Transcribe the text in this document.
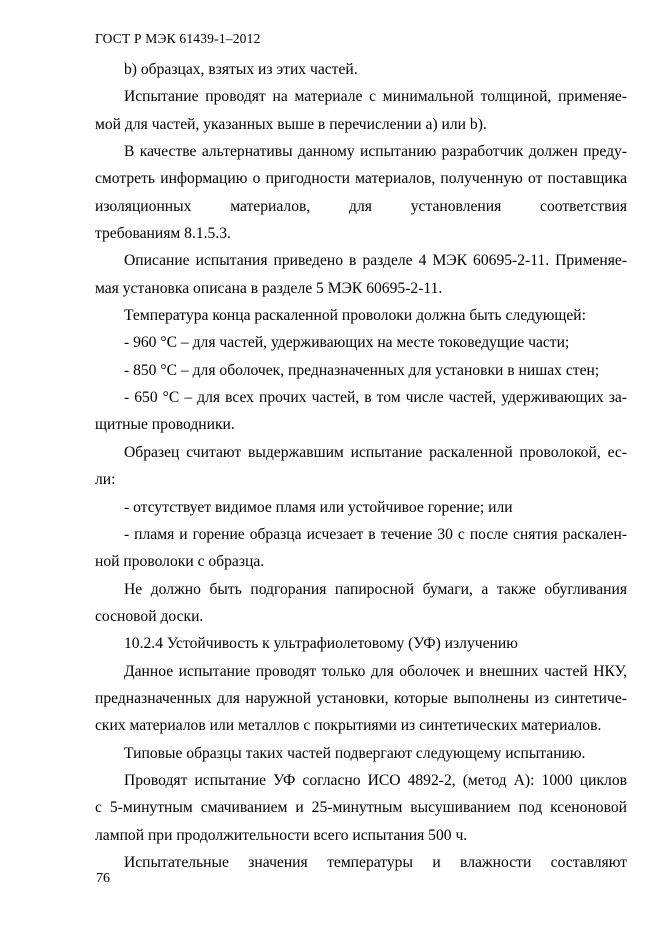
ГОСТ Р МЭК 61439-1–2012
b) образцах, взятых из этих частей.
Испытание проводят на материале с минимальной толщиной, применяе-
мой для частей, указанных выше в перечислении a) или b).
В качестве альтернативы данному испытанию разработчик должен преду-
смотреть информацию о пригодности материалов, полученную от поставщика
изоляционных материалов, для установления соответствия
требованиям 8.1.5.3.
Описание испытания приведено в разделе 4 МЭК 60695-2-11. Применяе-
мая установка описана в разделе 5 МЭК 60695-2-11.
Температура конца раскаленной проволоки должна быть следующей:
- 960 °С – для частей, удерживающих на месте токоведущие части;
- 850 °С – для оболочек, предназначенных для установки в нишах стен;
- 650 °С – для всех прочих частей, в том числе частей, удерживающих за-
щитные проводники.
Образец считают выдержавшим испытание раскаленной проволокой, ес-
ли:
- отсутствует видимое пламя или устойчивое горение; или
- пламя и горение образца исчезает в течение 30 с после снятия раскален-
ной проволоки с образца.
Не должно быть подгорания папиросной бумаги, а также обугливания
сосновой доски.
10.2.4 Устойчивость к ультрафиолетовому (УФ) излучению
Данное испытание проводят только для оболочек и внешних частей НКУ,
предназначенных для наружной установки, которые выполнены из синтетиче-
ских материалов или металлов с покрытиями из синтетических материалов.
Типовые образцы таких частей подвергают следующему испытанию.
Проводят испытание УФ согласно ИСО 4892-2, (метод А): 1000 циклов
с 5-минутным смачиванием и 25-минутным высушиванием под ксеноновой
лампой при продолжительности всего испытания 500 ч.
Испытательные значения температуры и влажности составляют
76
